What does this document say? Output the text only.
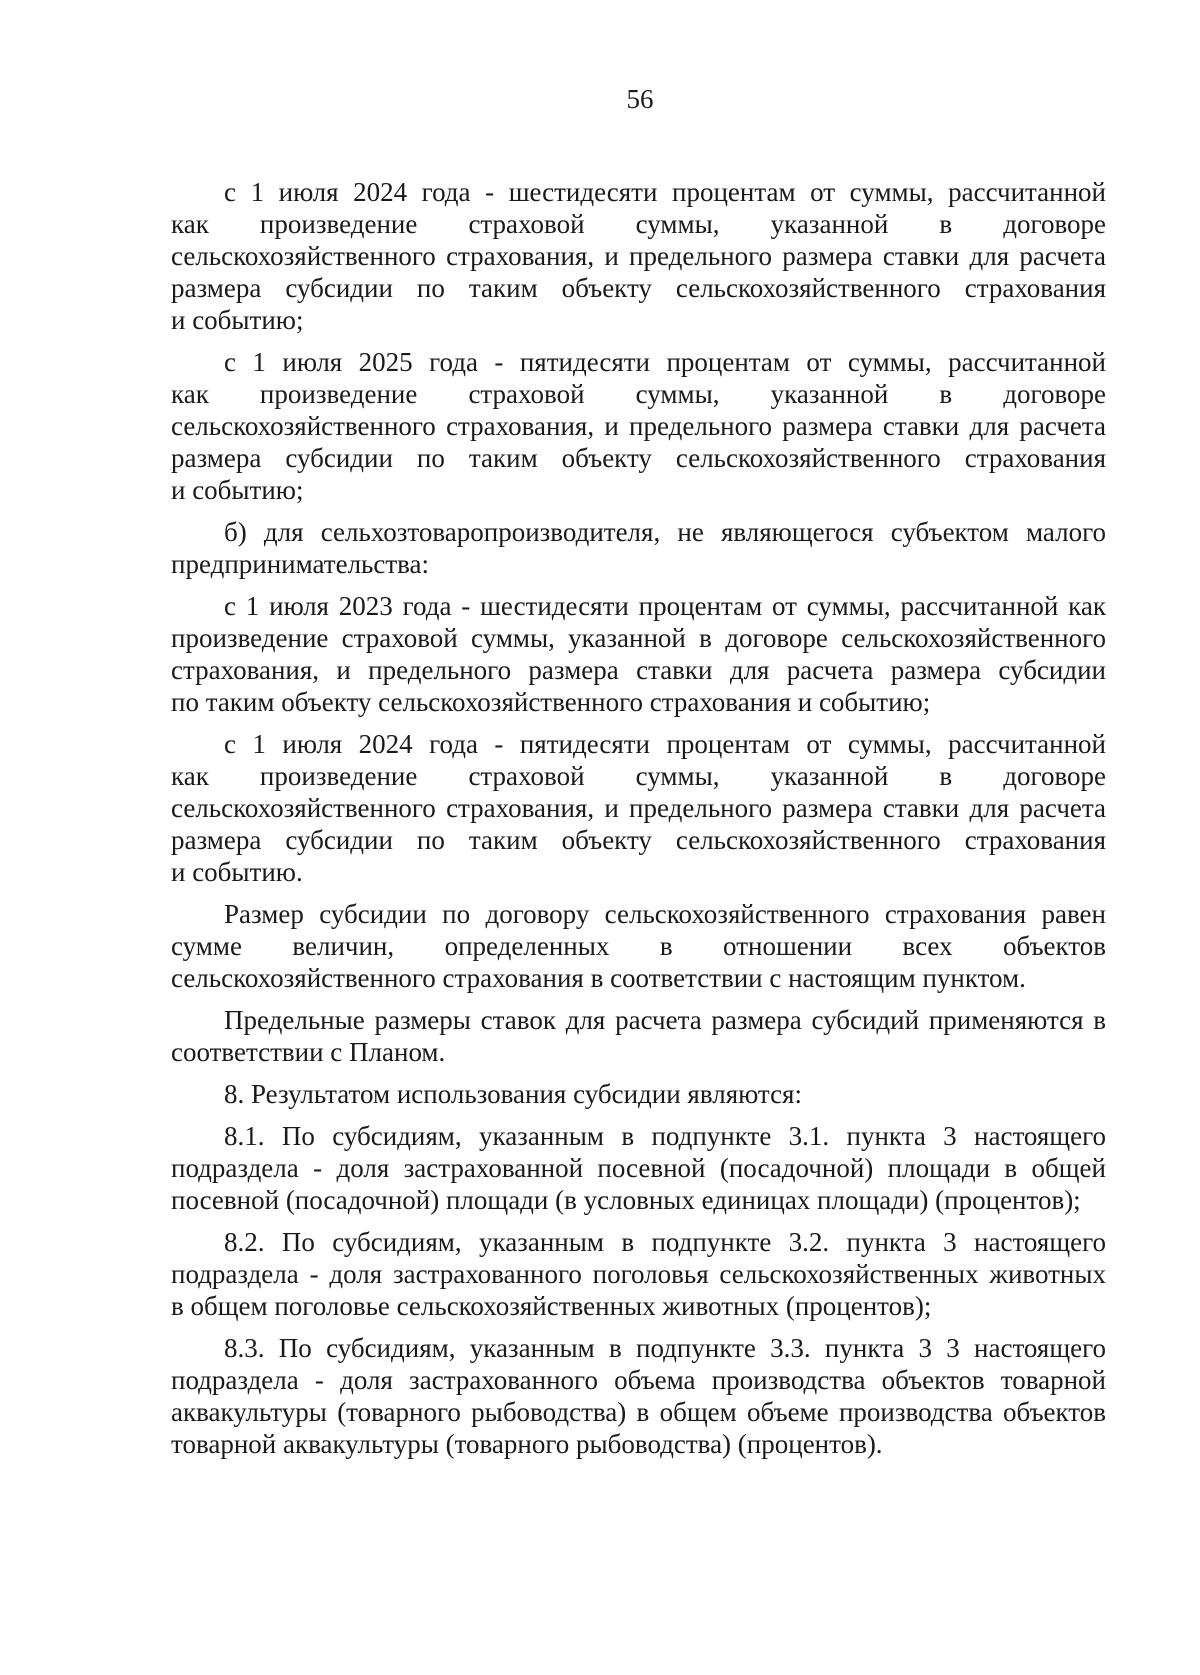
56
с 1 июля 2024 года - шестидесяти процентам от суммы, рассчитанной
как произведение страховой суммы, указанной в договоре
сельскохозяйственного страхования, и предельного размера ставки для расчета
размера субсидии по таким объекту сельскохозяйственного страхования
и событию;
с 1 июля 2025 года - пятидесяти процентам от суммы, рассчитанной
как произведение страховой суммы, указанной в договоре
сельскохозяйственного страхования, и предельного размера ставки для расчета
размера субсидии по таким объекту сельскохозяйственного страхования
и событию;
б) для сельхозтоваропроизводителя, не являющегося субъектом малого
предпринимательства:
с 1 июля 2023 года - шестидесяти процентам от суммы, рассчитанной как
произведение страховой суммы, указанной в договоре сельскохозяйственного
страхования, и предельного размера ставки для расчета размера субсидии
по таким объекту сельскохозяйственного страхования и событию;
с 1 июля 2024 года - пятидесяти процентам от суммы, рассчитанной
как произведение страховой суммы, указанной в договоре
сельскохозяйственного страхования, и предельного размера ставки для расчета
размера субсидии по таким объекту сельскохозяйственного страхования
и событию.
Размер субсидии по договору сельскохозяйственного страхования равен
сумме величин, определенных в отношении всех объектов
сельскохозяйственного страхования в соответствии с настоящим пунктом.
Предельные размеры ставок для расчета размера субсидий применяются в
соответствии с Планом.
8. Результатом использования субсидии являются:
8.1. По субсидиям, указанным в подпункте 3.1. пункта 3 настоящего
подраздела - доля застрахованной посевной (посадочной) площади в общей
посевной (посадочной) площади (в условных единицах площади) (процентов);
8.2. По субсидиям, указанным в подпункте 3.2. пункта 3 настоящего
подраздела - доля застрахованного поголовья сельскохозяйственных животных
в общем поголовье сельскохозяйственных животных (процентов);
8.3. По субсидиям, указанным в подпункте 3.3. пункта 3 3 настоящего
подраздела - доля застрахованного объема производства объектов товарной
аквакультуры (товарного рыбоводства) в общем объеме производства объектов
товарной аквакультуры (товарного рыбоводства) (процентов).
